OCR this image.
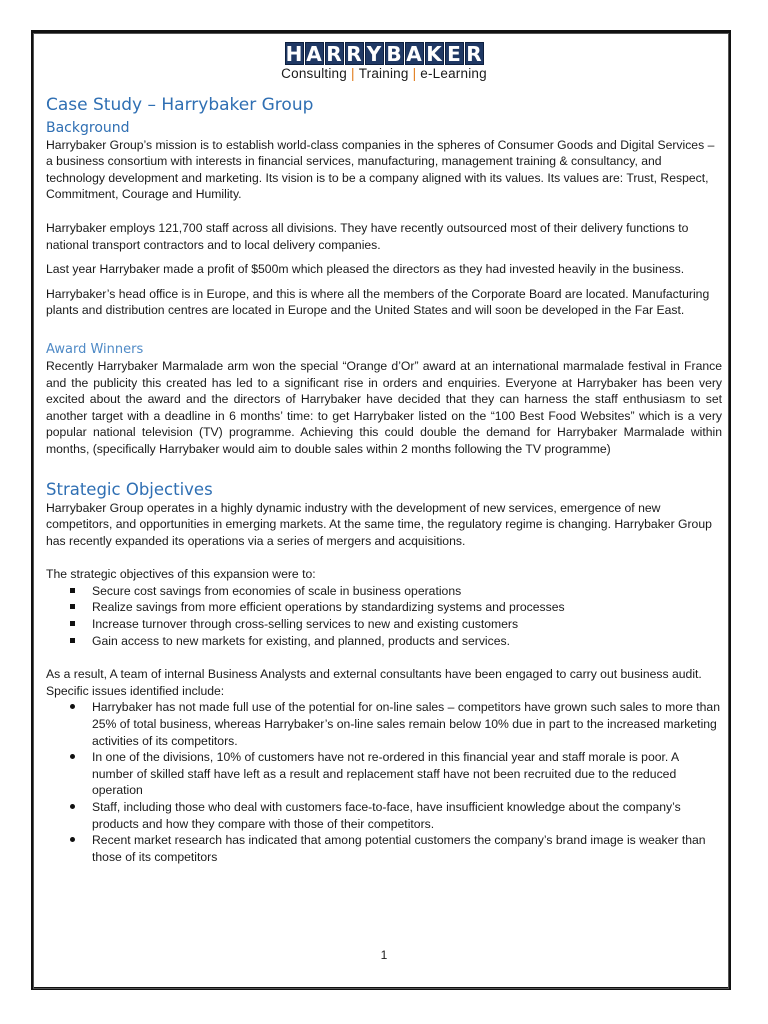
H A R R Y B A K E R
Consulting | Training | e-Learning
Case Study – Harrybaker Group
Background

Harrybaker Group’s mission is to establish world-class companies in the spheres of Consumer Goods and Digital Services – a business consortium with interests in financial services, manufacturing, management training & consultancy, and technology development and marketing. Its vision is to be a company aligned with its values. Its values are: Trust, Respect, Commitment, Courage and Humility.

Harrybaker employs 121,700 staff across all divisions. They have recently outsourced most of their delivery functions to national transport contractors and to local delivery companies.

Last year Harrybaker made a profit of $500m which pleased the directors as they had invested heavily in the business.

Harrybaker’s head office is in Europe, and this is where all the members of the Corporate Board are located. Manufacturing plants and distribution centres are located in Europe and the United States and will soon be developed in the Far East.

Award Winners

Recently Harrybaker Marmalade arm won the special “Orange d’Or” award at an international marmalade festival in France and the publicity this created has led to a significant rise in orders and enquiries. Everyone at Harrybaker has been very excited about the award and the directors of Harrybaker have decided that they can harness the staff enthusiasm to set another target with a deadline in 6 months’ time: to get Harrybaker listed on the “100 Best Food Websites” which is a very popular national television (TV) programme. Achieving this could double the demand for Harrybaker Marmalade within months, (specifically Harrybaker would aim to double sales within 2 months following the TV programme)

Strategic Objectives

Harrybaker Group operates in a highly dynamic industry with the development of new services, emergence of new competitors, and opportunities in emerging markets. At the same time, the regulatory regime is changing. Harrybaker Group has recently expanded its operations via a series of mergers and acquisitions.

The strategic objectives of this expansion were to:

Secure cost savings from economies of scale in business operations
Realize savings from more efficient operations by standardizing systems and processes
Increase turnover through cross-selling services to new and existing customers
Gain access to new markets for existing, and planned, products and services.

As a result, A team of internal Business Analysts and external consultants have been engaged to carry out business audit. Specific issues identified include:

Harrybaker has not made full use of the potential for on-line sales – competitors have grown such sales to more than 25% of total business, whereas Harrybaker’s on-line sales remain below 10% due in part to the increased marketing activities of its competitors.
In one of the divisions, 10% of customers have not re-ordered in this financial year and staff morale is poor. A number of skilled staff have left as a result and replacement staff have not been recruited due to the reduced operation
Staff, including those who deal with customers face-to-face, have insufficient knowledge about the company’s products and how they compare with those of their competitors.
Recent market research has indicated that among potential customers the company’s brand image is weaker than those of its competitors
1
